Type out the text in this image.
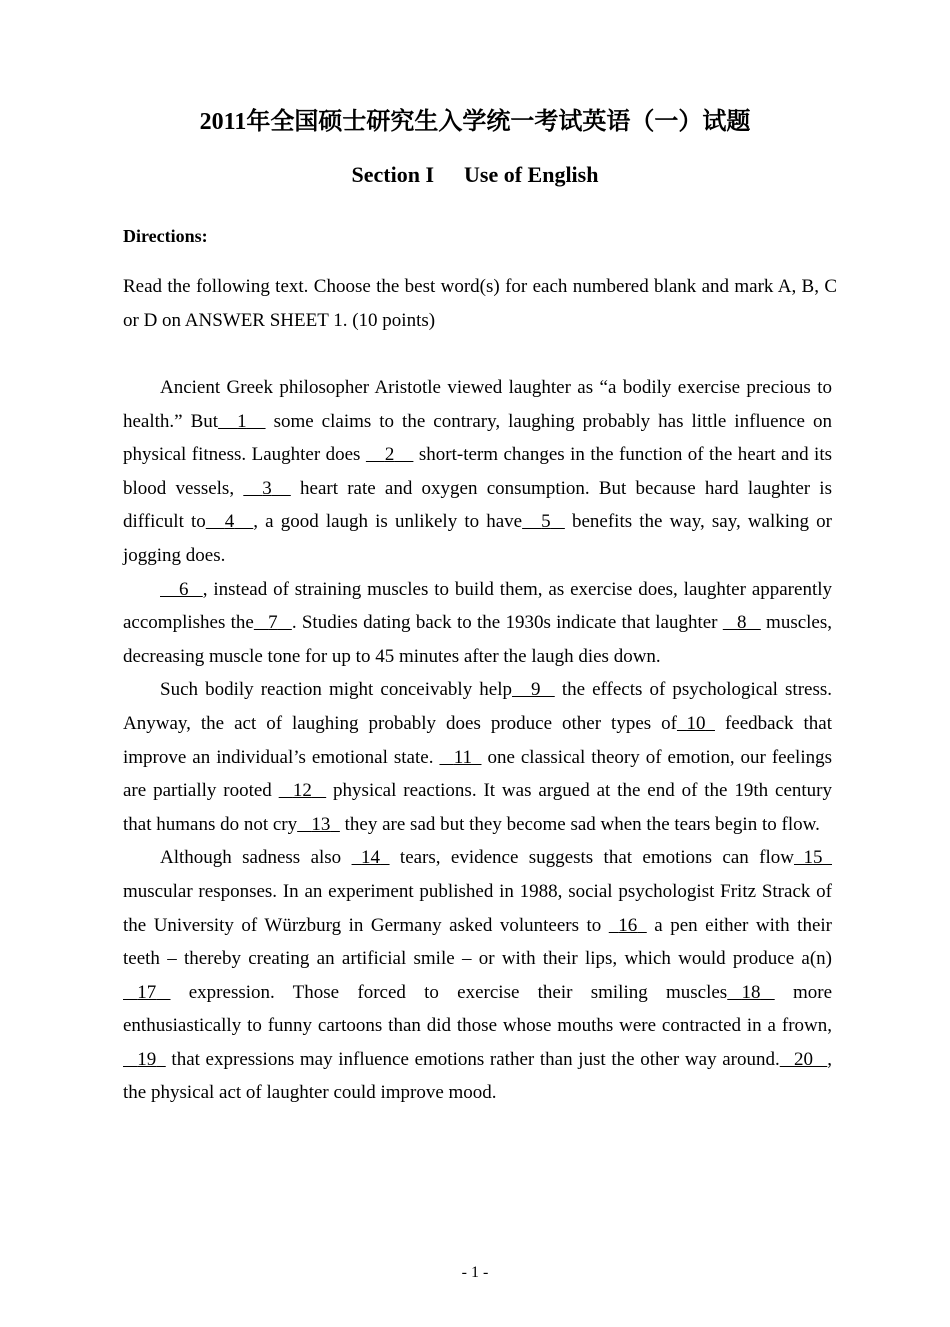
2011年全国硕士研究生入学统一考试英语（一）试题
Section I Use of English
Directions:
Read the following text. Choose the best word(s) for each numbered blank and mark A, B, C or D on ANSWER SHEET 1. (10 points)

Ancient Greek philosopher Aristotle viewed laughter as “a bodily exercise precious to health.” But 1     some claims to the contrary, laughing probably has little influence on physical fitness. Laughter does     2     short-term changes in the function of the heart and its blood vessels,     3     heart rate and oxygen consumption. But because hard laughter is difficult to 4 , a good laugh is unlikely to have 5    benefits the way, say, walking or jogging does.

6 , instead of straining muscles to build them, as exercise does, laughter apparently accomplishes the 7 . Studies dating back to the 1930s indicate that laughter    8    muscles, decreasing muscle tone for up to 45 minutes after the laugh dies down.

Such bodily reaction might conceivably help 9    the effects of psychological stress. Anyway, the act of laughing probably does produce other types of 10   feedback that improve an individual’s emotional state.    11   one classical theory of emotion, our feelings are partially rooted    12    physical reactions. It was argued at the end of the 19th century that humans do not cry 13   they are sad but they become sad when the tears begin to flow.

Although sadness also   14   tears, evidence suggests that emotions can flow 15   muscular responses. In an experiment published in 1988, social psychologist Fritz Strack of the University of Würzburg in Germany asked volunteers to   16   a pen either with their teeth – thereby creating an artificial smile – or with their lips, which would produce a(n)    17    expression. Those forced to exercise their smiling muscles 18    more enthusiastically to funny cartoons than did those whose mouths were contracted in a frown,    19   that expressions may influence emotions rather than just the other way around. 20 , the physical act of laughter could improve mood.

- 1 -
